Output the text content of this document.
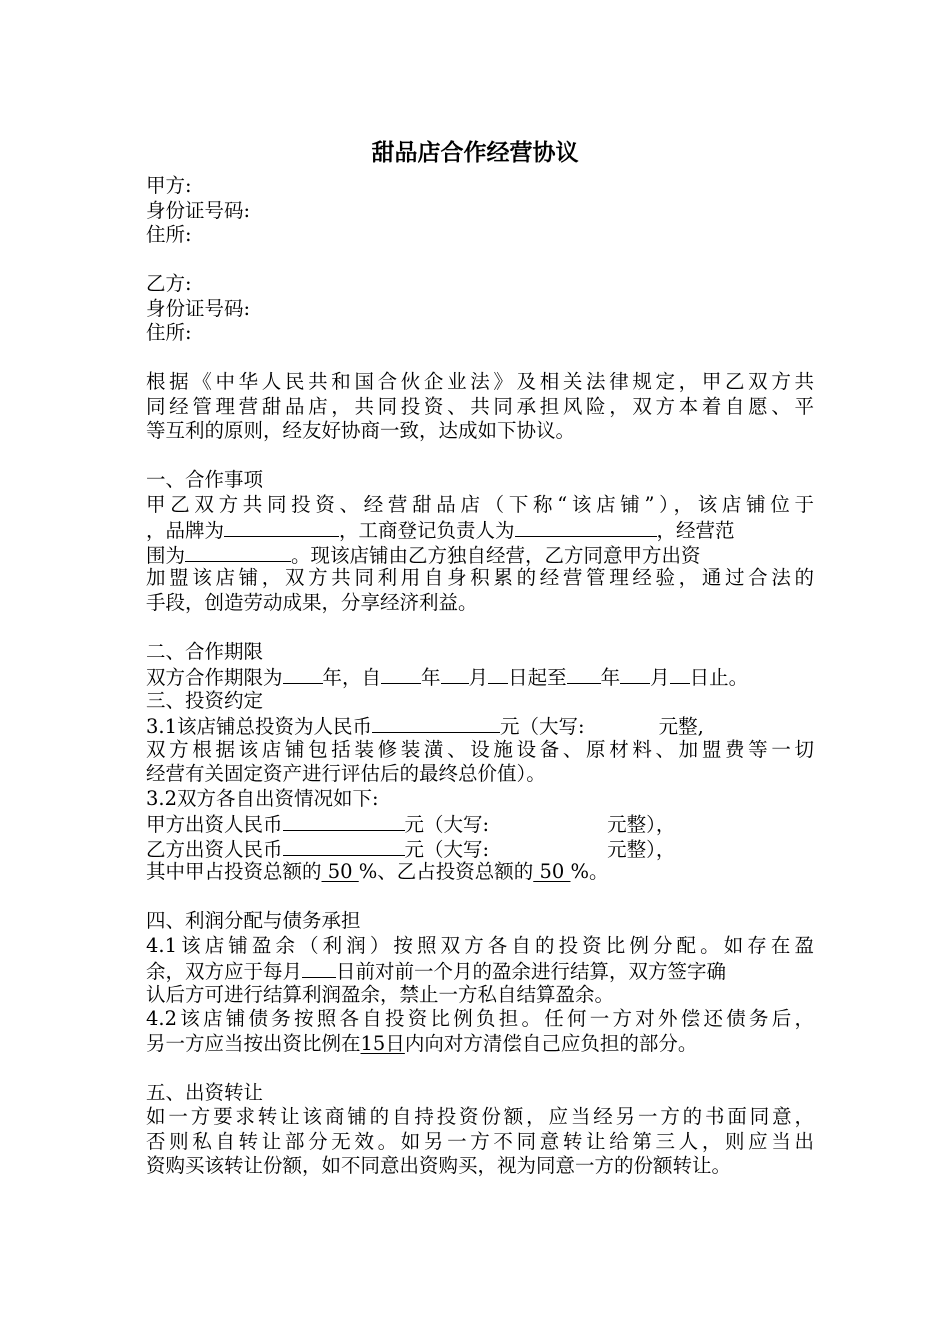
甜品店合作经营协议
甲方:
身份证号码:
住所:
乙方:
身份证号码:
住所:
根据《中华人民共和国合伙企业法》及相关法律规定，甲乙双方共
同经管理营甜品店，共同投资、共同承担风险，双方本着自愿、平
等互利的原则，经友好协商一致，达成如下协议。
一、合作事项
甲乙双方共同投资、经营甜品店（下称“该店铺”），该店铺位于
，品牌为	，工商登记负责人为	，经营范
围为	。现该店铺由乙方独自经营，乙方同意甲方出资
加盟该店铺，双方共同利用自身积累的经营管理经验，通过合法的
手段，创造劳动成果，分享经济利益。
二、合作期限
双方合作期限为 年，自 年 月 日起至 年 月 日止。
三、投资约定
3.1该店铺总投资为人民币	元（大写:	元整,
双方根据该店铺包括装修装潢、设施设备、原材料、加盟费等一切
经营有关固定资产进行评估后的最终总价值）。
3.2双方各自出资情况如下:
甲方出资人民币	元（大写:	元整），
乙方出资人民币	元（大写:	元整），
其中甲占投资总额的 50 %、乙占投资总额的 50 %。
四、利润分配与债务承担
4.1该店铺盈余（利润）按照双方各自的投资比例分配。如存在盈
余，双方应于每月 日前对前一个月的盈余进行结算，双方签字确
认后方可进行结算利润盈余，禁止一方私自结算盈余。
4.2该店铺债务按照各自投资比例负担。任何一方对外偿还债务后，
另一方应当按出资比例在15日内向对方清偿自己应负担的部分。
五、出资转让
如一方要求转让该商铺的自持投资份额，应当经另一方的书面同意，
否则私自转让部分无效。如另一方不同意转让给第三人，则应当出
资购买该转让份额，如不同意出资购买，视为同意一方的份额转让。
